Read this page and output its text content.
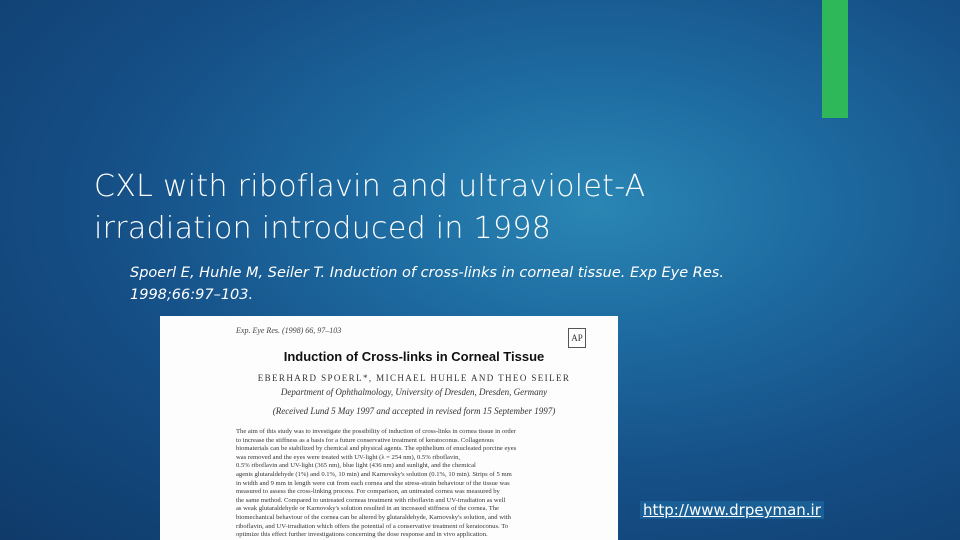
CXL with riboflavin and ultraviolet-A
irradiation introduced in 1998
Spoerl E, Huhle M, Seiler T. Induction of cross-links in corneal tissue. Exp Eye Res.
1998;66:97–103.
Exp. Eye Res. (1998) 66, 97–103
AP
Induction of Cross-links in Corneal Tissue
EBERHARD SPOERL*, MICHAEL HUHLE AND THEO SEILER
Department of Ophthalmology, University of Dresden, Dresden, Germany
(Received Lund 5 May 1997 and accepted in revised form 15 September 1997)
The aim of this study was to investigate the possibility of induction of cross-links in cornea tissue in order
to increase the stiffness as a basis for a future conservative treatment of keratoconus. Collagenous
biomaterials can be stabilized by chemical and physical agents. The epithelium of enucleated porcine eyes
was removed and the eyes were treated with UV-light (λ = 254 nm), 0.5% riboflavin,
0.5% riboflavin and UV-light (365 nm), blue light (436 nm) and sunlight, and the chemical
agents glutaraldehyde (1%) and 0.1%, 10 min) and Karnovsky's solution (0.1%, 10 min). Strips of 5 mm
in width and 9 mm in length were cut from each cornea and the stress-strain behaviour of the tissue was
measured to assess the cross-linking process. For comparison, an untreated cornea was measured by
the same method. Compared to untreated corneas treatment with riboflavin and UV-irradiation as well
as weak glutaraldehyde or Karnovsky's solution resulted in an increased stiffness of the cornea. The
biomechanical behaviour of the cornea can be altered by glutaraldehyde, Karnovsky's solution, and with
riboflavin, and UV-irradiation which offers the potential of a conservative treatment of keratoconus. To
optimize this effect further investigations concerning the dose response and in vivo application.
http://www.drpeyman.ir
